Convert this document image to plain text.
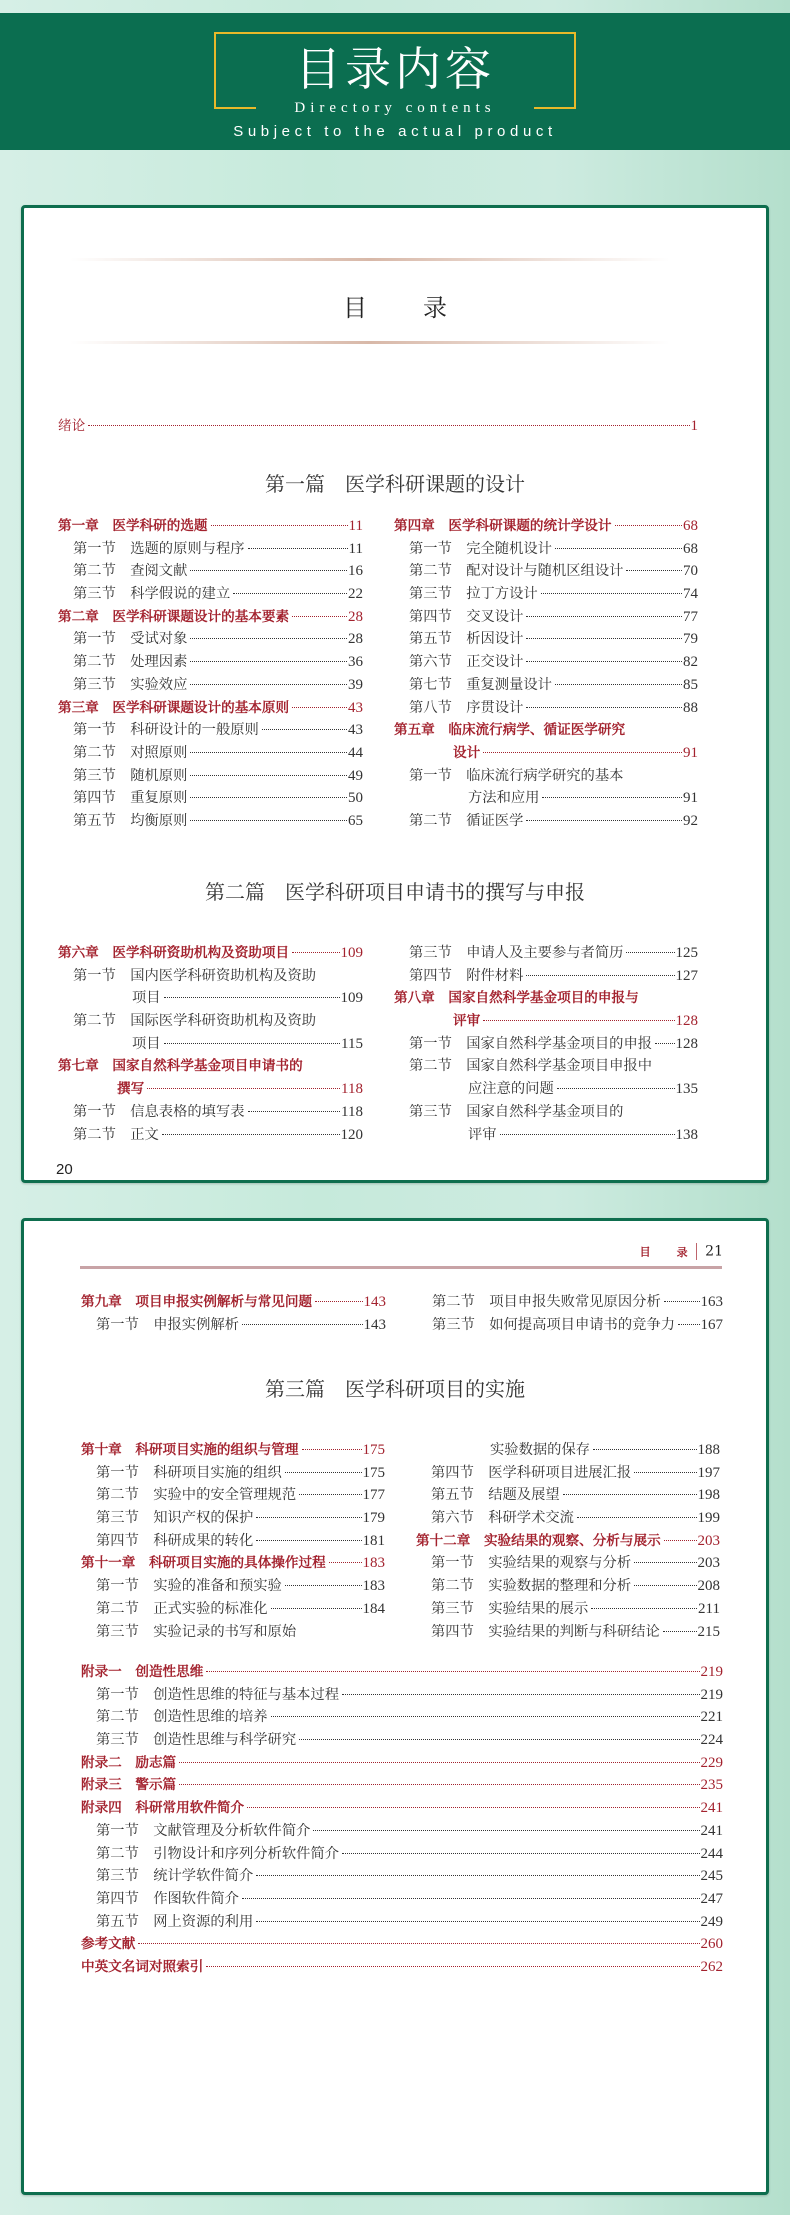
目录内容
Directory contents
Subject to the actual product
目 录
绪论	1
第一篇　医学科研课题的设计
第一章 医学科研的选题	11
第一节 选题的原则与程序	11
第二节 查阅文献	16
第三节 科学假说的建立	22
第二章 医学科研课题设计的基本要素	28
第一节 受试对象	28
第二节 处理因素	36
第三节 实验效应	39
第三章 医学科研课题设计的基本原则	43
第一节 科研设计的一般原则	43
第二节 对照原则	44
第三节 随机原则	49
第四节 重复原则	50
第五节 均衡原则	65
第四章 医学科研课题的统计学设计	68
第一节 完全随机设计	68
第二节 配对设计与随机区组设计	70
第三节 拉丁方设计	74
第四节 交叉设计	77
第五节 析因设计	79
第六节 正交设计	82
第七节 重复测量设计	85
第八节 序贯设计	88
第五章 临床流行病学、循证医学研究
设计	91
第一节 临床流行病学研究的基本
方法和应用	91
第二节 循证医学	92
第二篇　医学科研项目申请书的撰写与申报
第六章 医学科研资助机构及资助项目	109
第一节 国内医学科研资助机构及资助
项目	109
第二节 国际医学科研资助机构及资助
项目	115
第七章 国家自然科学基金项目申请书的
撰写	118
第一节 信息表格的填写表	118
第二节 正文	120
第三节 申请人及主要参与者简历	125
第四节 附件材料	127
第八章 国家自然科学基金项目的申报与
评审	128
第一节 国家自然科学基金项目的申报 128
第二节 国家自然科学基金项目申报中
应注意的问题	135
第三节 国家自然科学基金项目的
评审	138
20
目 录 21
第九章 项目申报实例解析与常见问题	143
第一节 申报实例解析	143
第二节 项目申报失败常见原因分析	163
第三节 如何提高项目申请书的竞争力 167
第三篇　医学科研项目的实施
第十章 科研项目实施的组织与管理	175
第一节 科研项目实施的组织	175
第二节 实验中的安全管理规范	177
第三节 知识产权的保护	179
第四节 科研成果的转化	181
第十一章 科研项目实施的具体操作过程 183
第一节 实验的准备和预实验	183
第二节 正式实验的标准化	184
第三节 实验记录的书写和原始
实验数据的保存	188
第四节 医学科研项目进展汇报	197
第五节 结题及展望	198
第六节 科研学术交流	199
第十二章 实验结果的观察、分析与展示 203
第一节 实验结果的观察与分析	203
第二节 实验数据的整理和分析	208
第三节 实验结果的展示	211
第四节 实验结果的判断与科研结论	215
附录一 创造性思维	219
第一节 创造性思维的特征与基本过程	219
第二节 创造性思维的培养	221
第三节 创造性思维与科学研究	224
附录二 励志篇	229
附录三 警示篇	235
附录四 科研常用软件简介	241
第一节 文献管理及分析软件简介	241
第二节 引物设计和序列分析软件简介	244
第三节 统计学软件简介	245
第四节 作图软件简介	247
第五节 网上资源的利用	249
参考文献	260
中英文名词对照索引	262
